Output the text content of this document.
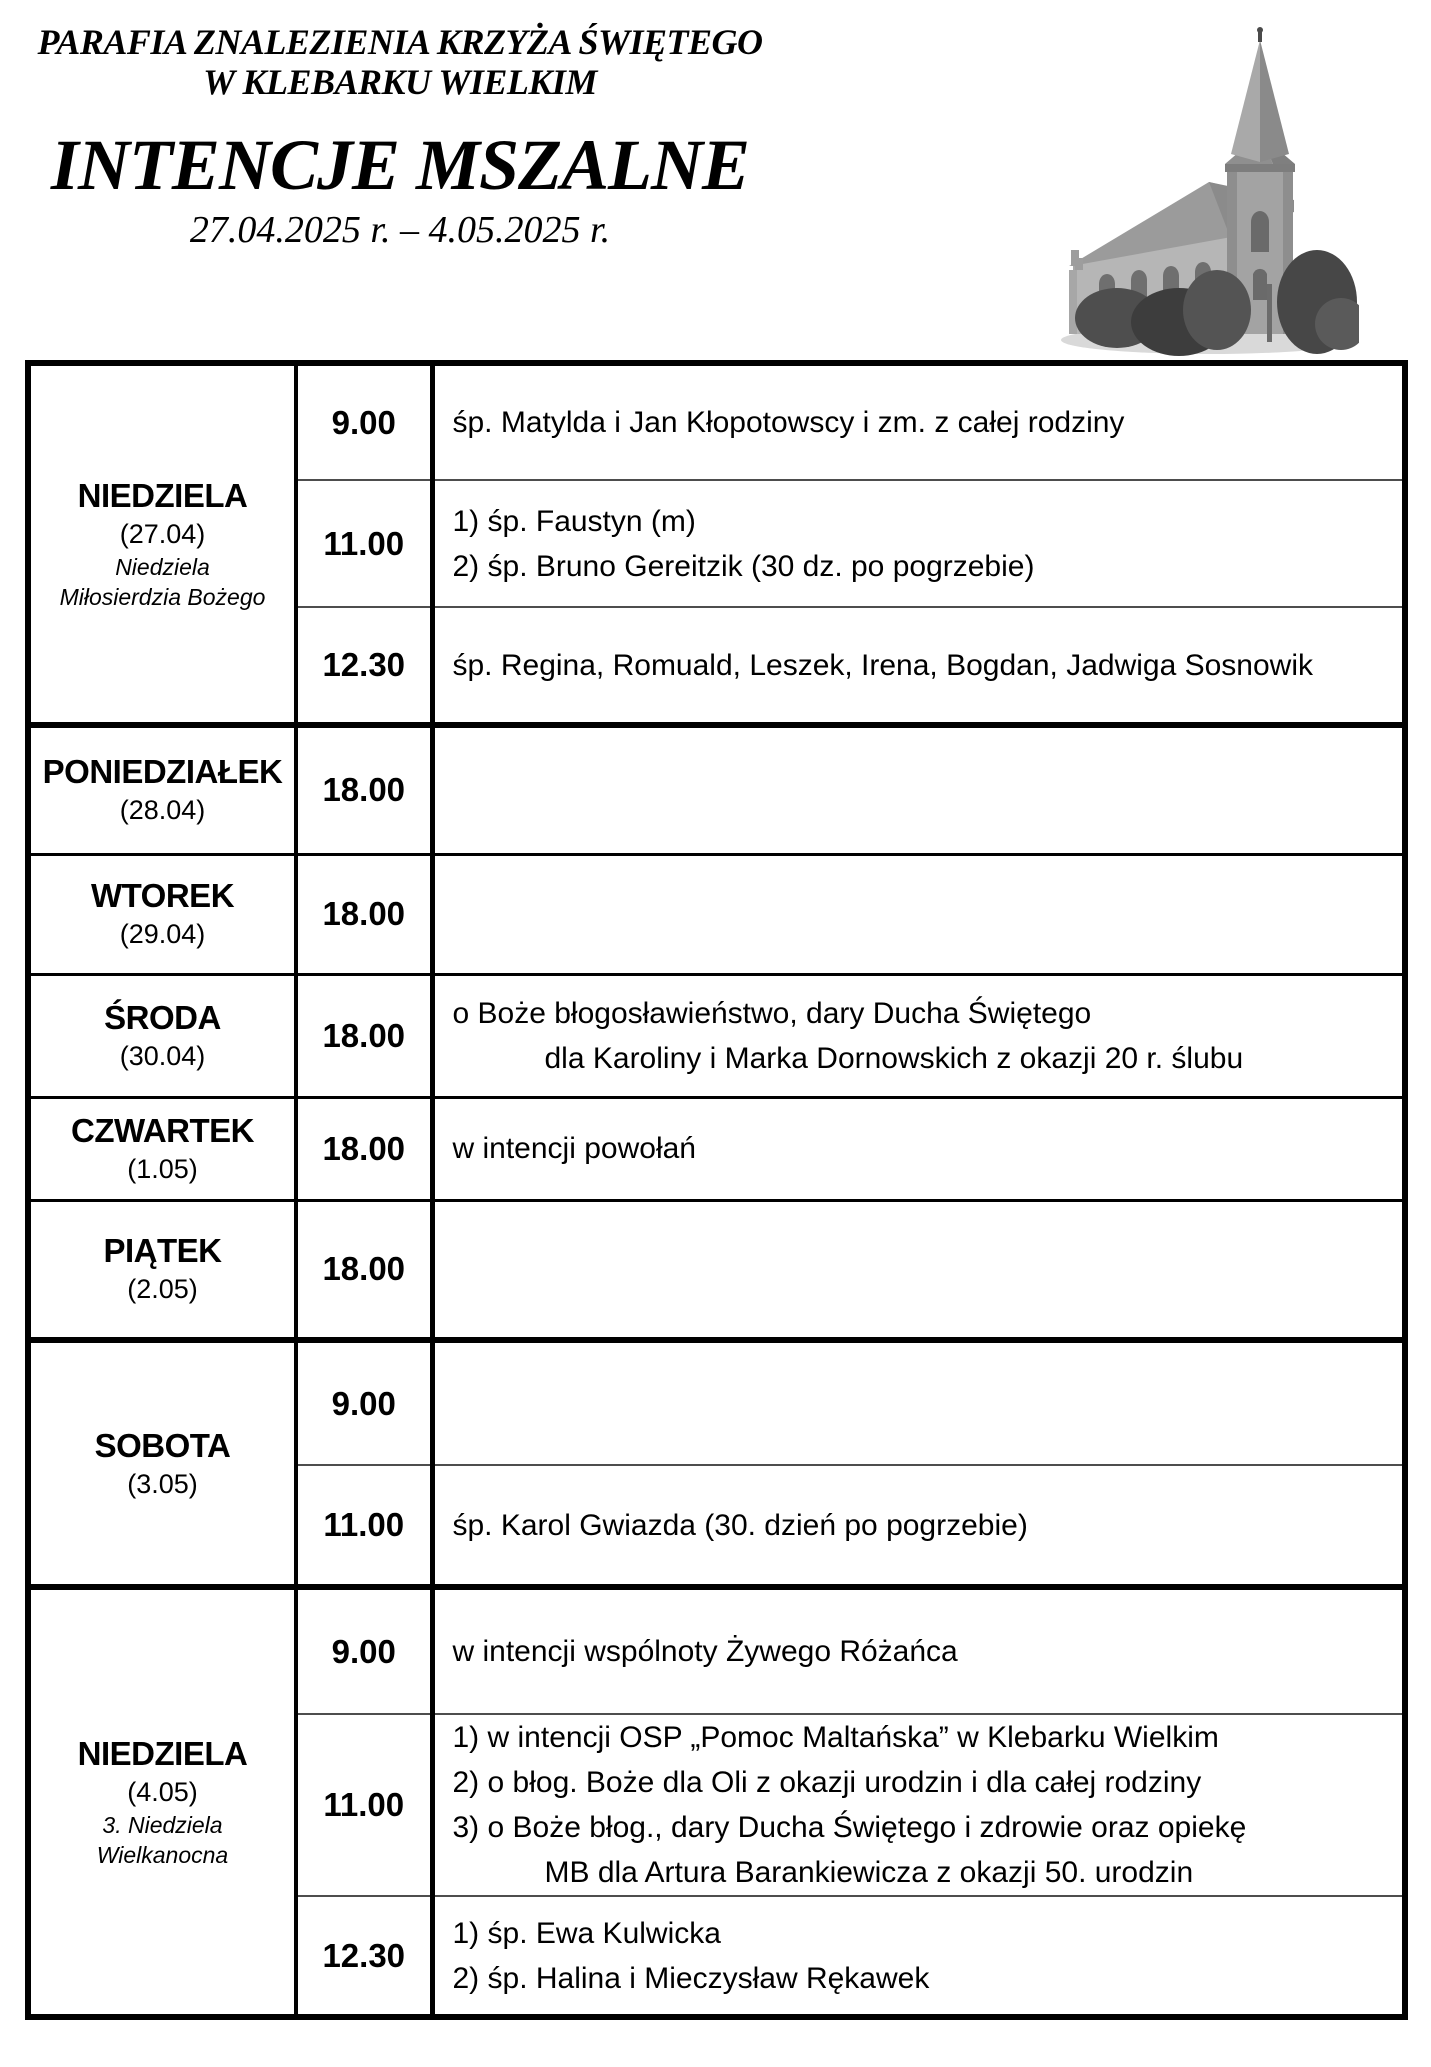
PARAFIA ZNALEZIENIA KRZYŻA ŚWIĘTEGO
W KLEBARKU WIELKIM
INTENCJE MSZALNE
27.04.2025 r. – 4.05.2025 r.
NIEDZIELA
(27.04)
Niedziela
Miłosierdzia Bożego	9.00	śp. Matylda i Jan Kłopotowscy i zm. z całej rodziny

	11.00	1) śp. Faustyn (m)
2) śp. Bruno Gereitzik (30 dz. po pogrzebie)

	12.30	śp. Regina, Romuald, Leszek, Irena, Bogdan, Jadwiga Sosnowik

PONIEDZIAŁEK
(28.04)	18.00	

WTOREK
(29.04)	18.00	

ŚRODA
(30.04)
	18.00	
o Boże błogosławieństwo, dary Ducha Świętego
dla Karoliny i Marka Dornowskich z okazji 20 r. ślubu

CZWARTEK
(1.05)	18.00	w intencji powołań

PIĄTEK
(2.05)	18.00	

SOBOTA
(3.05)	9.00	
	11.00	śp. Karol Gwiazda (30. dzień po pogrzebie)

NIEDZIELA
(4.05)
3. Niedziela
Wielkanocna	9.00	w intencji wspólnoty Żywego Różańca

	11.00	1) w intencji OSP „Pomoc Maltańska” w Klebarku Wielkim
2) o błog. Boże dla Oli z okazji urodzin i dla całej rodziny
3) o Boże błog., dary Ducha Świętego i zdrowie oraz opiekę
MB dla Artura Barankiewicza z okazji 50. urodzin

	12.30	1) śp. Ewa Kulwicka
2) śp. Halina i Mieczysław Rękawek
